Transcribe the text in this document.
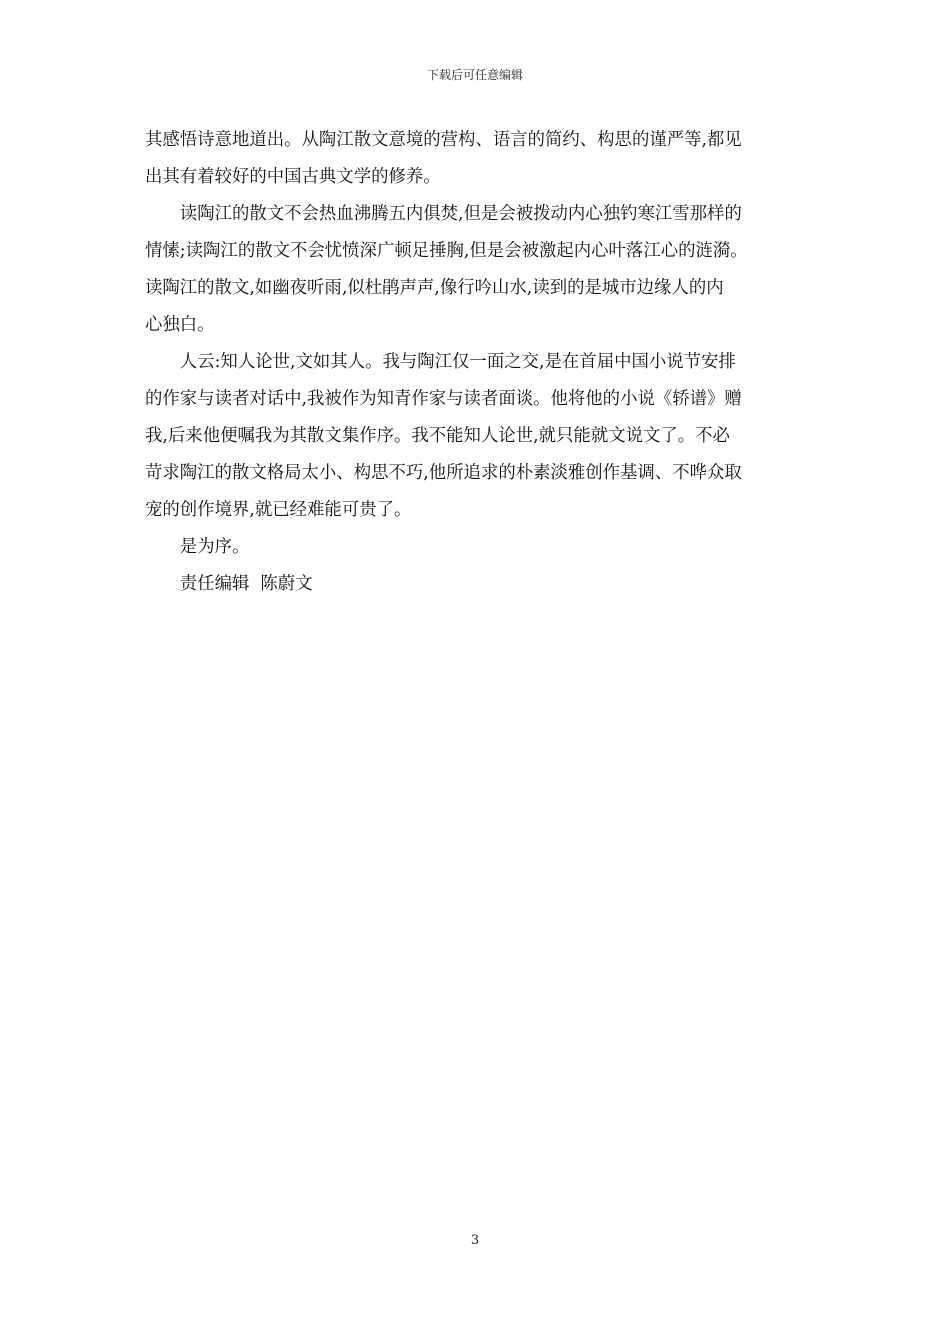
下载后可任意编辑

其感悟诗意地道出。从陶江散文意境的营构、语言的简约、构思的谨严等,都见
出其有着较好的中国古典文学的修养。

读陶江的散文不会热血沸腾五内俱焚,但是会被拨动内心独钓寒江雪那样的
情愫;读陶江的散文不会忧愤深广顿足捶胸,但是会被激起内心叶落江心的涟漪。
读陶江的散文,如幽夜听雨,似杜鹃声声,像行吟山水,读到的是城市边缘人的内
心独白。

人云:知人论世,文如其人。我与陶江仅一面之交,是在首届中国小说节安排
的作家与读者对话中,我被作为知青作家与读者面谈。他将他的小说《轿谱》赠
我,后来他便嘱我为其散文集作序。我不能知人论世,就只能就文说文了。不必
苛求陶江的散文格局太小、构思不巧,他所追求的朴素淡雅创作基调、不哗众取
宠的创作境界,就已经难能可贵了。

是为序。

责任编辑  陈蔚文

3
